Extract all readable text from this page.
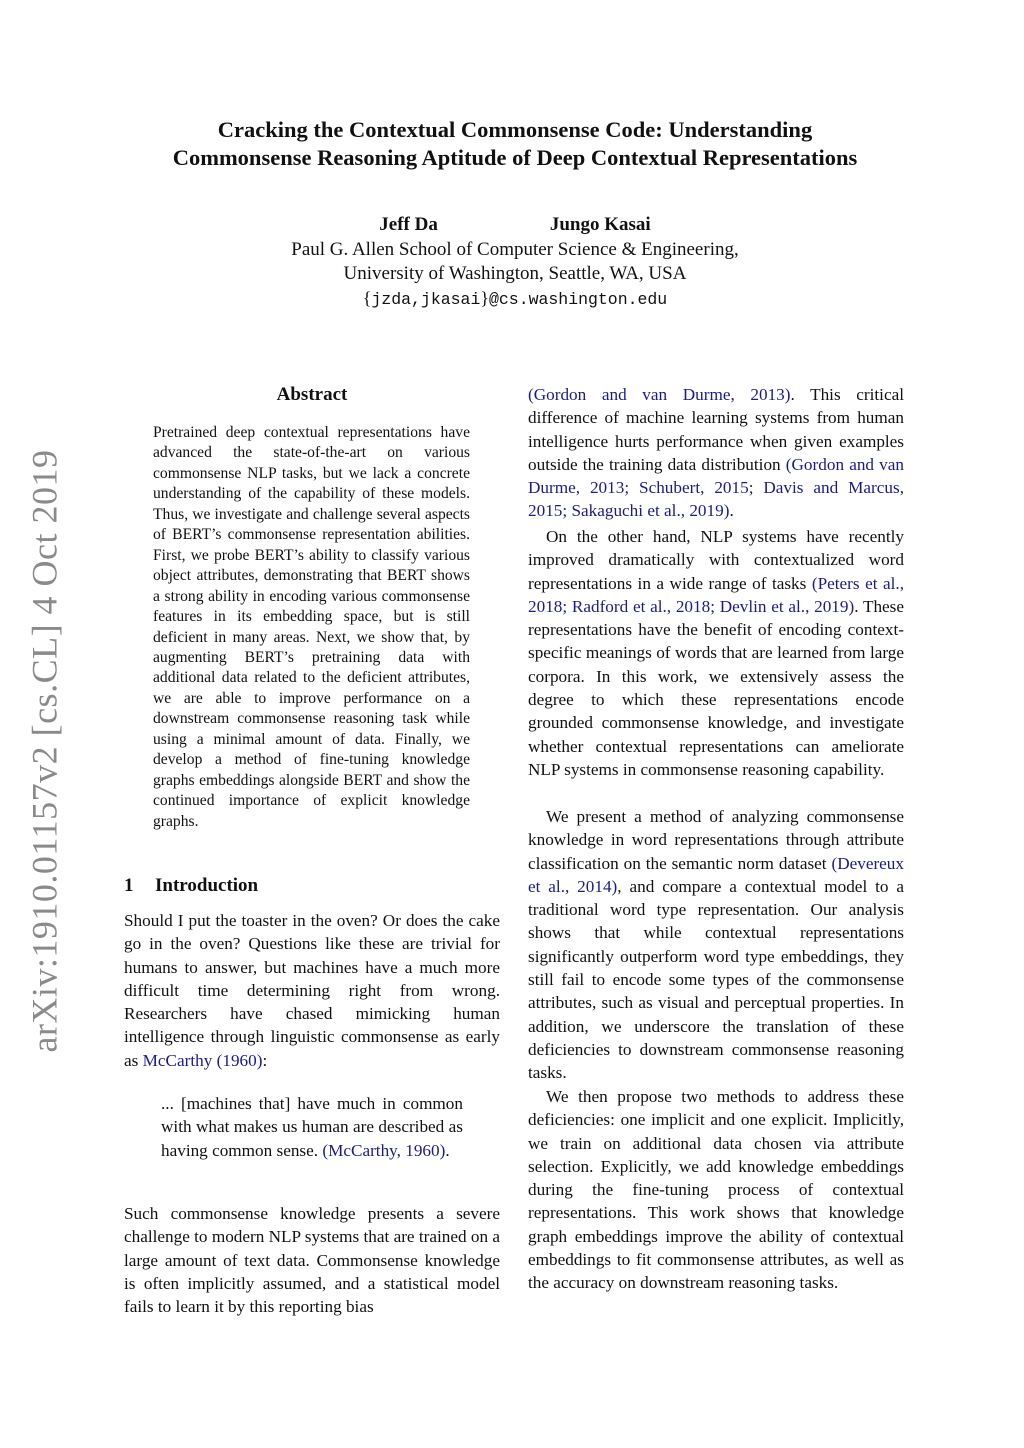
arXiv:1910.01157v2 [cs.CL] 4 Oct 2019
Cracking the Contextual Commonsense Code: Understanding
Commonsense Reasoning Aptitude of Deep Contextual Representations
Jeff Da	Jungo Kasai
Paul G. Allen School of Computer Science & Engineering,
University of Washington, Seattle, WA, USA
{jzda,jkasai}@cs.washington.edu
Abstract

Pretrained deep contextual representations have advanced the state-of-the-art on various commonsense NLP tasks, but we lack a concrete understanding of the capability of these models. Thus, we investigate and challenge several aspects of BERT’s commonsense representation abilities. First, we probe BERT’s ability to classify various object attributes, demonstrating that BERT shows a strong ability in encoding various commonsense features in its embedding space, but is still deficient in many areas. Next, we show that, by augmenting BERT’s pretraining data with additional data related to the deficient attributes, we are able to improve performance on a downstream commonsense reasoning task while using a minimal amount of data. Finally, we develop a method of fine-tuning knowledge graphs embeddings alongside BERT and show the continued importance of explicit knowledge graphs.

1 Introduction

Should I put the toaster in the oven? Or does the cake go in the oven? Questions like these are trivial for humans to answer, but machines have a much more difficult time determining right from wrong. Researchers have chased mimicking human intelligence through linguistic commonsense as early as McCarthy (1960):

... [machines that] have much in common with what makes us human are described as having common sense. (McCarthy, 1960).

Such commonsense knowledge presents a severe challenge to modern NLP systems that are trained on a large amount of text data. Commonsense knowledge is often implicitly assumed, and a statistical model fails to learn it by this reporting bias

(Gordon and van Durme, 2013). This critical difference of machine learning systems from human intelligence hurts performance when given examples outside the training data distribution (Gordon and van Durme, 2013; Schubert, 2015; Davis and Marcus, 2015; Sakaguchi et al., 2019).

On the other hand, NLP systems have recently improved dramatically with contextualized word representations in a wide range of tasks (Peters et al., 2018; Radford et al., 2018; Devlin et al., 2019). These representations have the benefit of encoding context-specific meanings of words that are learned from large corpora. In this work, we extensively assess the degree to which these representations encode grounded commonsense knowledge, and investigate whether contextual representations can ameliorate NLP systems in commonsense reasoning capability.

We present a method of analyzing commonsense knowledge in word representations through attribute classification on the semantic norm dataset (Devereux et al., 2014), and compare a contextual model to a traditional word type representation. Our analysis shows that while contextual representations significantly outperform word type embeddings, they still fail to encode some types of the commonsense attributes, such as visual and perceptual properties. In addition, we underscore the translation of these deficiencies to downstream commonsense reasoning tasks.

We then propose two methods to address these deficiencies: one implicit and one explicit. Implicitly, we train on additional data chosen via attribute selection. Explicitly, we add knowledge embeddings during the fine-tuning process of contextual representations. This work shows that knowledge graph embeddings improve the ability of contextual embeddings to fit commonsense attributes, as well as the accuracy on downstream reasoning tasks.
